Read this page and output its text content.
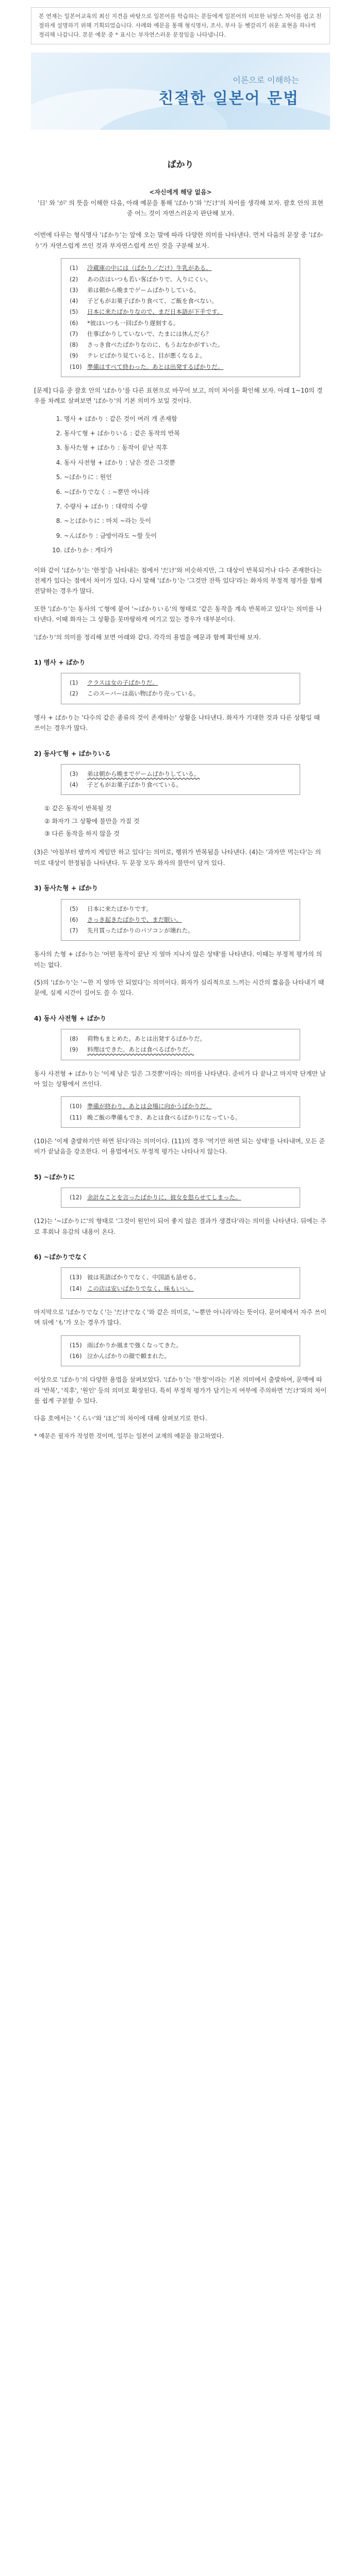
본 연재는 일본어교육의 최신 지견을 바탕으로 일본어를 학습하는 분들에게 일본어의 미묘한 뉘앙스 차이를 쉽고 친절하게 설명하기 위해 기획되었습니다. 사례와 예문을 통해 형식명사, 조사, 부사 등 헷갈리기 쉬운 표현을 하나씩 정리해 나갑니다. 본문 예문 중 * 표시는 부자연스러운 문장임을 나타냅니다.
이론으로 이해하는
친절한 일본어 문법
ばかり
<자신에게 해당 없음>
'日' 와 'が' 의 뜻을 이해한 다음, 아래 예문을 통해 'ばかり'와 'だけ'의 차이를 생각해 보자. 괄호 안의 표현 중 어느 것이 자연스러운지 판단해 보자.

이번에 다루는 형식명사 'ばかり'는 앞에 오는 말에 따라 다양한 의미를 나타낸다. 먼저 다음의 문장 중 'ばかり'가 자연스럽게 쓰인 것과 부자연스럽게 쓰인 것을 구분해 보자.

(1)	冷蔵庫の中には（ばかり／だけ）牛乳がある。
(2)	あの店はいつも若い客ばかりで、入りにくい。
(3)	弟は朝から晩までゲームばかりしている。
(4)	子どもがお菓子ばかり食べて、ご飯を食べない。
(5)	日本に来たばかりなので、まだ日本語が下手です。
(6)	*彼はいつも一回ばかり遅刻する。
(7)	仕事ばかりしていないで、たまには休んだら？
(8)	さっき食べたばかりなのに、もうおなかがすいた。
(9)	テレビばかり見ていると、目が悪くなるよ。
(10) 準備はすべて終わった。あとは出発するばかりだ。

[문제] 다음 중 괄호 안의 'ばかり'를 다른 표현으로 바꾸어 보고, 의미 차이를 확인해 보자. 아래 1~10의 경우를 차례로 살펴보면 'ばかり'의 기본 의미가 보일 것이다.

1. 명사 + ばかり : 같은 것이 여러 개 존재함
2. 동사て형 + ばかりいる : 같은 동작의 반복
3. 동사た형 + ばかり : 동작이 끝난 직후
4. 동사 사전형 + ばかり : 남은 것은 그것뿐
5. ~ばかりに : 원인
6. ~ばかりでなく : ~뿐만 아니라
7. 수량사 + ばかり : 대략의 수량
8. ~とばかりに : 마치 ~라는 듯이
9. ~んばかり : 금방이라도 ~할 듯이
10. ばかりか : 게다가

이와 같이 'ばかり'는 '한정'을 나타내는 점에서 'だけ'와 비슷하지만, 그 대상이 반복되거나 다수 존재한다는 전제가 있다는 점에서 차이가 있다. 다시 말해 'ばかり'는 '그것만 잔뜩 있다'라는 화자의 부정적 평가를 함께 전달하는 경우가 많다.

또한 'ばかり'는 동사의 て형에 붙어 '~ばかりいる'의 형태로 '같은 동작을 계속 반복하고 있다'는 의미를 나타낸다. 이때 화자는 그 상황을 못마땅하게 여기고 있는 경우가 대부분이다.

'ばかり'의 의미를 정리해 보면 아래와 같다. 각각의 용법을 예문과 함께 확인해 보자.

1) 명사 + ばかり
(1)	クラスは女の子ばかりだ。
(2)	このスーパーは高い物ばかり売っている。

명사 + ばかり는 '다수의 같은 종류의 것이 존재하는' 상황을 나타낸다. 화자가 기대한 것과 다른 상황일 때 쓰이는 경우가 많다.

2) 동사て형 + ばかりいる
(3)	弟は朝から晩までゲームばかりしている。
(4)	子どもがお菓子ばかり食べている。
① 같은 동작이 반복될 것
② 화자가 그 상황에 불만을 가질 것
③ 다른 동작을 하지 않을 것

(3)은 '아침부터 밤까지 게임만 하고 있다'는 의미로, 행위가 반복됨을 나타낸다. (4)는 '과자만 먹는다'는 의미로 대상이 한정됨을 나타낸다. 두 문장 모두 화자의 불만이 담겨 있다.

3) 동사た형 + ばかり
(5)	日本に来たばかりです。
(6)	さっき起きたばかりで、まだ眠い。
(7)	先月買ったばかりのパソコンが壊れた。

동사의 た형 + ばかり는 '어떤 동작이 끝난 지 얼마 지나지 않은 상태'를 나타낸다. 이때는 부정적 평가의 의미는 없다.

(5)의 'ばかり'는 '~한 지 얼마 안 되었다'는 의미이다. 화자가 심리적으로 느끼는 시간의 짧음을 나타내기 때문에, 실제 시간이 길어도 쓸 수 있다.

4) 동사 사전형 + ばかり
(8)	荷物もまとめた。あとは出発するばかりだ。
(9)	料理はできた。あとは食べるばかりだ。

동사 사전형 + ばかり는 '이제 남은 일은 그것뿐'이라는 의미를 나타낸다. 준비가 다 끝나고 마지막 단계만 남아 있는 상황에서 쓰인다.

(10) 準備が終わり、あとは会場に向かうばかりだ。
(11) 晩ご飯の準備もでき、あとは食べるばかりになっている。

(10)은 '이제 출발하기만 하면 된다'라는 의미이다. (11)의 경우 '먹기만 하면 되는 상태'를 나타내며, 모든 준비가 끝났음을 강조한다. 이 용법에서도 부정적 평가는 나타나지 않는다.

5) ~ばかりに
(12) 余計なことを言ったばかりに、彼女を怒らせてしまった。

(12)는 '~ばかりに'의 형태로 '그것이 원인이 되어 좋지 않은 결과가 생겼다'라는 의미를 나타낸다. 뒤에는 주로 후회나 유감의 내용이 온다.

6) ~ばかりでなく
(13) 彼は英語ばかりでなく、中国語も話せる。
(14) この店は安いばかりでなく、味もいい。

마지막으로 'ばかりでなく'는 'だけでなく'와 같은 의미로, '~뿐만 아니라'라는 뜻이다. 문어체에서 자주 쓰이며 뒤에 'も'가 오는 경우가 많다.

(15) 雨ばかりか風まで強くなってきた。
(16) 泣かんばかりの顔で頼まれた。

이상으로 'ばかり'의 다양한 용법을 살펴보았다. 'ばかり'는 '한정'이라는 기본 의미에서 출발하여, 문맥에 따라 '반복', '직후', '원인' 등의 의미로 확장된다. 특히 부정적 평가가 담기는지 여부에 주의하면 'だけ'와의 차이를 쉽게 구분할 수 있다.

다음 호에서는 'くらい'와 'ほど'의 차이에 대해 살펴보기로 한다.

* 예문은 필자가 작성한 것이며, 일부는 일본어 교재의 예문을 참고하였다.
